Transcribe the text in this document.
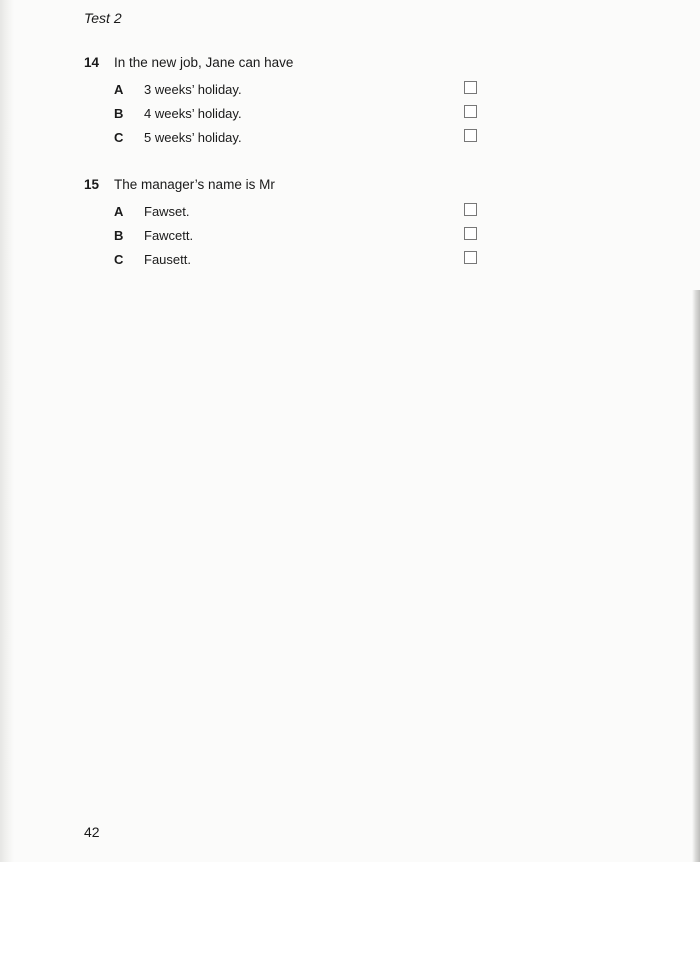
Test 2
14	In the new job, Jane can have
A	3 weeks’ holiday.
B	4 weeks’ holiday.
C	5 weeks’ holiday.
15	The manager’s name is Mr
A	Fawset.
B	Fawcett.
C	Fausett.
42
